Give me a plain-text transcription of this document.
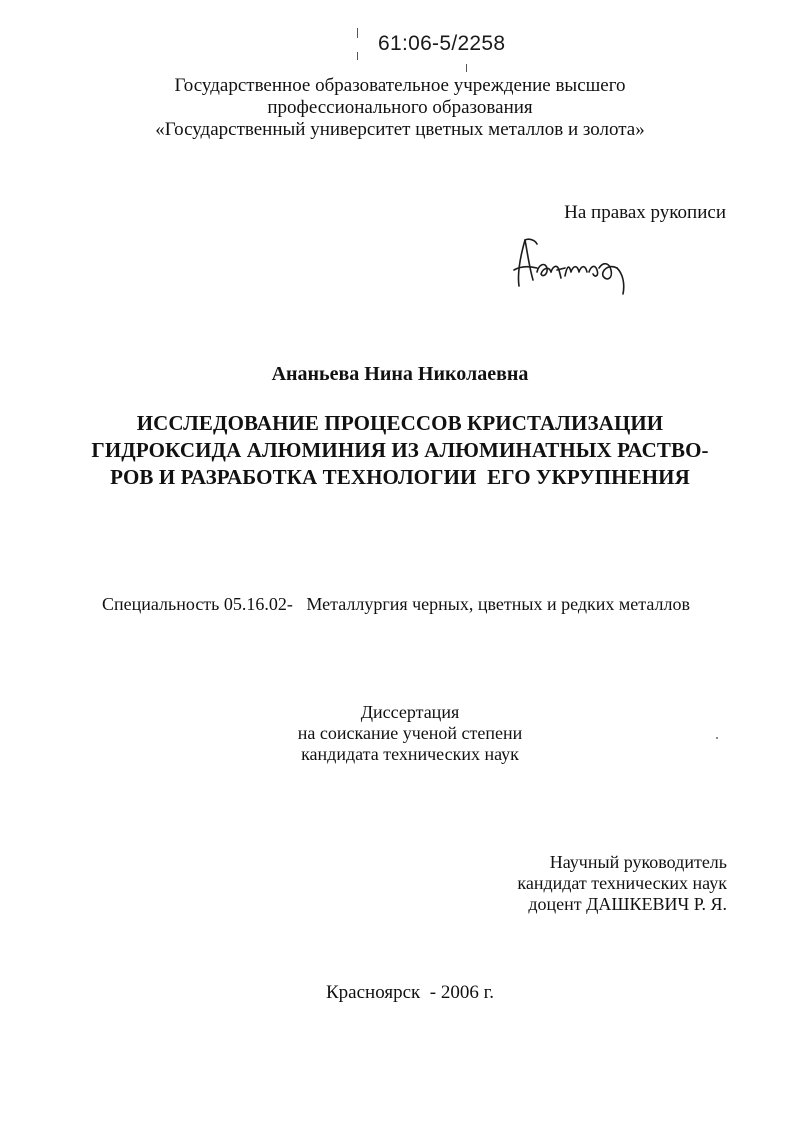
61:06-5/2258
Государственное образовательное учреждение высшего
профессионального образования
«Государственный университет цветных металлов и золота»
На правах рукописи
Ананьева Нина Николаевна
ИССЛЕДОВАНИЕ ПРОЦЕССОВ КРИСТАЛИЗАЦИИ
ГИДРОКСИДА АЛЮМИНИЯ ИЗ АЛЮМИНАТНЫХ РАСТВО-
РОВ И РАЗРАБОТКА ТЕХНОЛОГИИ  ЕГО УКРУПНЕНИЯ
Специальность 05.16.02-   Металлургия черных, цветных и редких металлов
Диссертация
на соискание ученой степени
кандидата технических наук
Научный руководитель
кандидат технических наук
доцент ДАШКЕВИЧ Р. Я.
Красноярск  - 2006 г.
